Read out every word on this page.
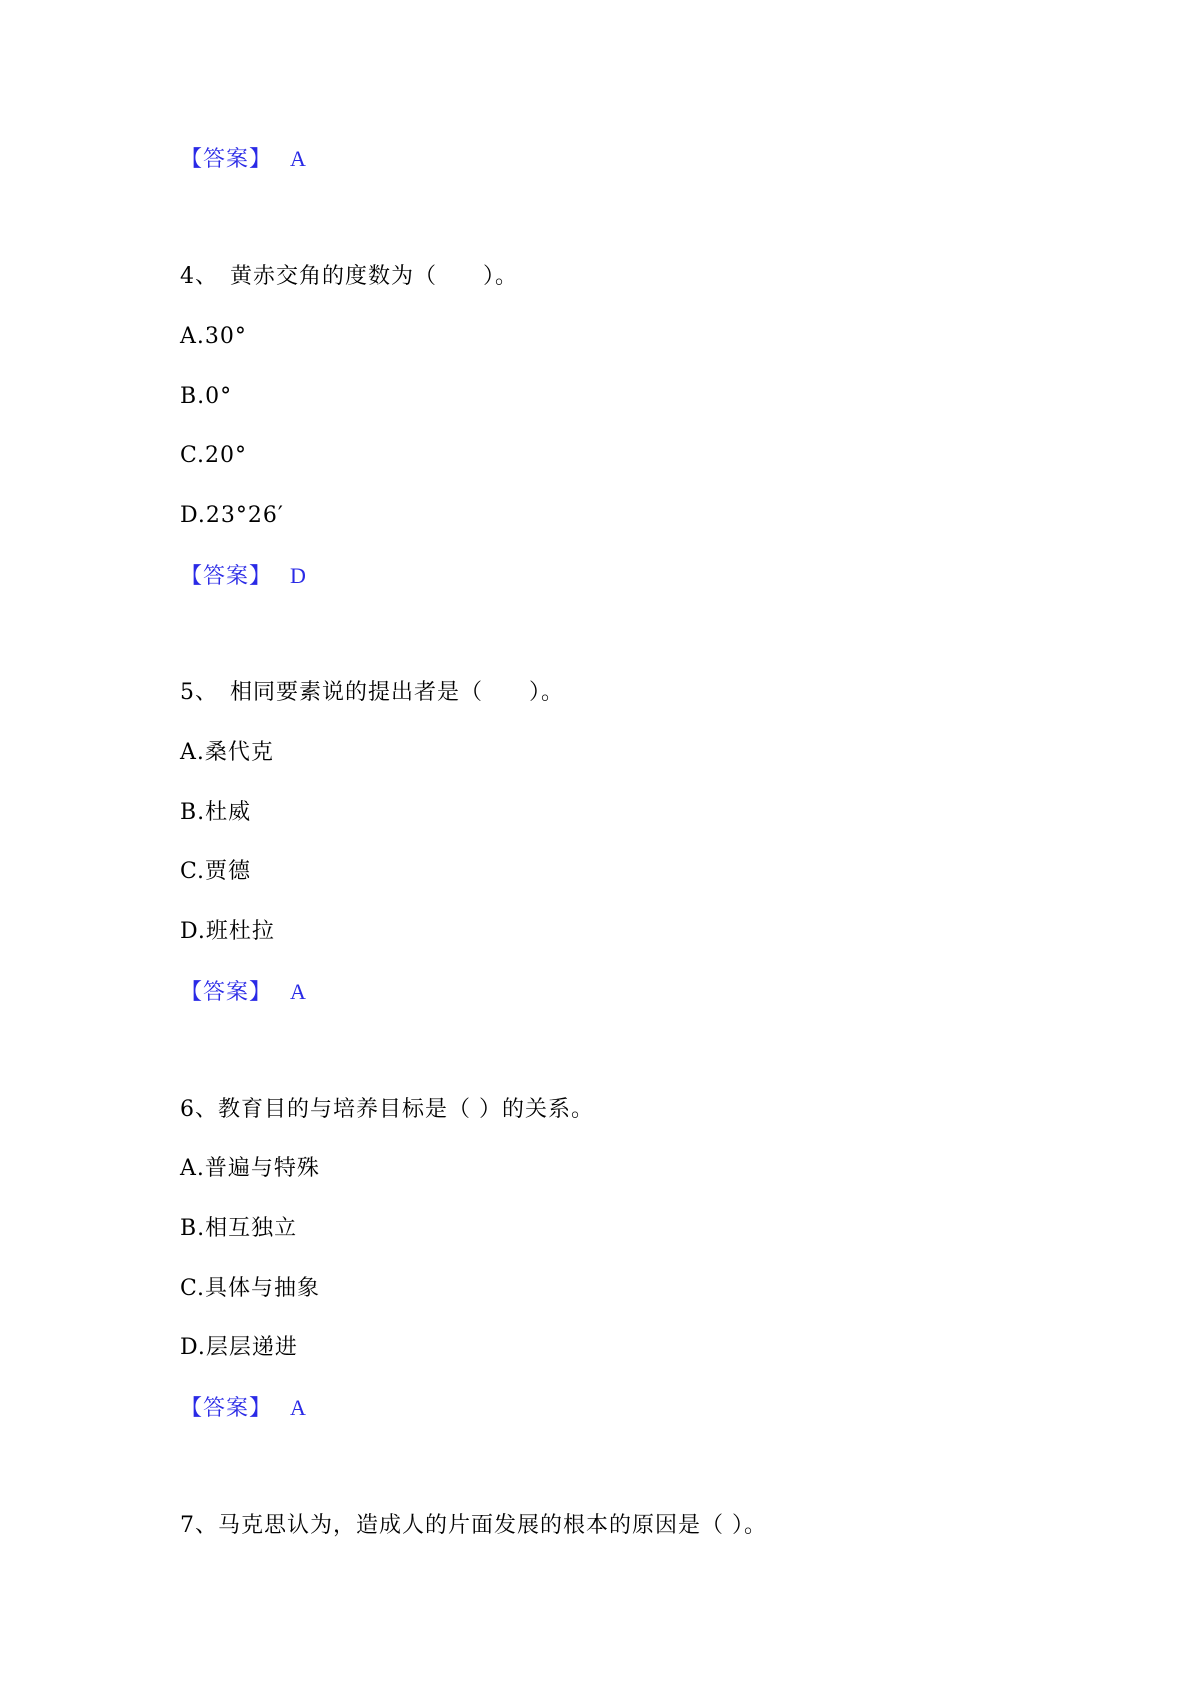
【答案】 A
4、 黄赤交角的度数为（　　）。
A.30°
B.0°
C.20°
D.23°26′
【答案】 D
5、 相同要素说的提出者是（　　）。
A.桑代克
B.杜威
C.贾德
D.班杜拉
【答案】 A
6、教育目的与培养目标是（ ）的关系。
A.普遍与特殊
B.相互独立
C.具体与抽象
D.层层递进
【答案】 A
7、马克思认为，造成人的片面发展的根本的原因是（ ）。
